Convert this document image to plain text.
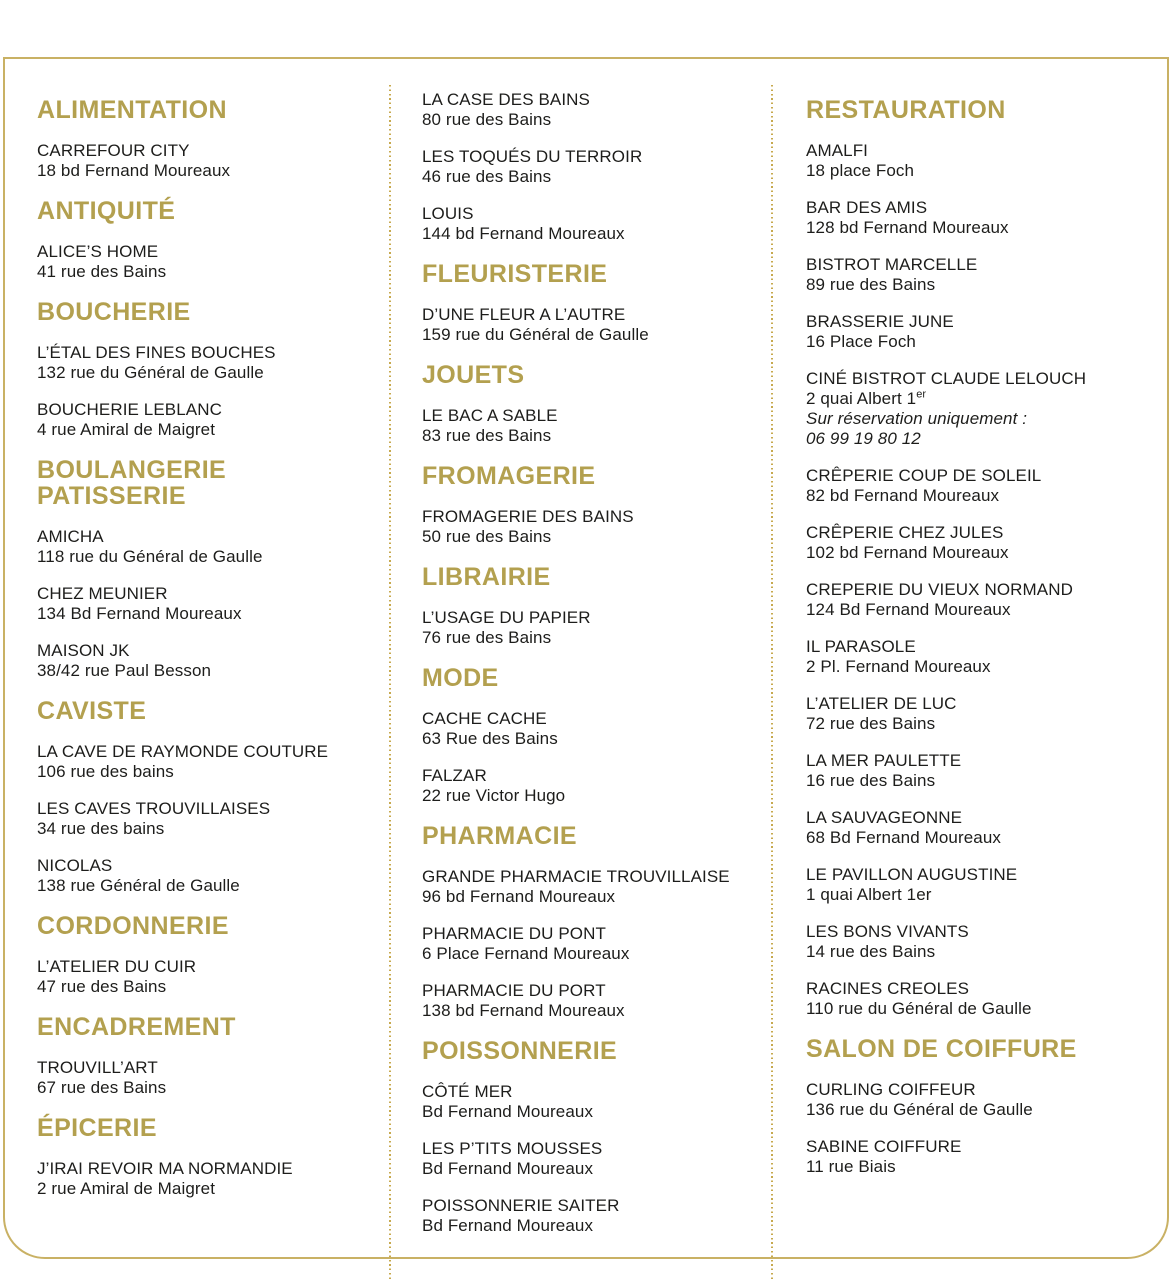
ALIMENTATION
CARREFOUR CITY
18 bd Fernand Moureaux
ANTIQUITÉ
ALICE’S HOME
41 rue des Bains
BOUCHERIE
L’ÉTAL DES FINES BOUCHES
132 rue du Général de Gaulle
BOUCHERIE LEBLANC
4 rue Amiral de Maigret
BOULANGERIE
PATISSERIE
AMICHA
118 rue du Général de Gaulle
CHEZ MEUNIER
134 Bd Fernand Moureaux
MAISON JK
38/42 rue Paul Besson
CAVISTE
LA CAVE DE RAYMONDE COUTURE
106 rue des bains
LES CAVES TROUVILLAISES
34 rue des bains
NICOLAS
138 rue Général de Gaulle
CORDONNERIE
L’ATELIER DU CUIR
47 rue des Bains
ENCADREMENT
TROUVILL’ART
67 rue des Bains
ÉPICERIE
J’IRAI REVOIR MA NORMANDIE
2 rue Amiral de Maigret
LA CASE DES BAINS
80 rue des Bains
LES TOQUÉS DU TERROIR
46 rue des Bains
LOUIS
144 bd Fernand Moureaux
FLEURISTERIE
D’UNE FLEUR A L’AUTRE
159 rue du Général de Gaulle
JOUETS
LE BAC A SABLE
83 rue des Bains
FROMAGERIE
FROMAGERIE DES BAINS
50 rue des Bains
LIBRAIRIE
L’USAGE DU PAPIER
76 rue des Bains
MODE
CACHE CACHE
63 Rue des Bains
FALZAR
22 rue Victor Hugo
PHARMACIE
GRANDE PHARMACIE TROUVILLAISE
96 bd Fernand Moureaux
PHARMACIE DU PONT
6 Place Fernand Moureaux
PHARMACIE DU PORT
138 bd Fernand Moureaux
POISSONNERIE
CÔTÉ MER
Bd Fernand Moureaux
LES P’TITS MOUSSES
Bd Fernand Moureaux
POISSONNERIE SAITER
Bd Fernand Moureaux
RESTAURATION
AMALFI
18 place Foch
BAR DES AMIS
128 bd Fernand Moureaux
BISTROT MARCELLE
89 rue des Bains
BRASSERIE JUNE
16 Place Foch
CINÉ BISTROT CLAUDE LELOUCH
2 quai Albert 1er
Sur réservation uniquement :
06 99 19 80 12
CRÊPERIE COUP DE SOLEIL
82 bd Fernand Moureaux
CRÊPERIE CHEZ JULES
102 bd Fernand Moureaux
CREPERIE DU VIEUX NORMAND
124 Bd Fernand Moureaux
IL PARASOLE
2 Pl. Fernand Moureaux
L’ATELIER DE LUC
72 rue des Bains
LA MER PAULETTE
16 rue des Bains
LA SAUVAGEONNE
68 Bd Fernand Moureaux
LE PAVILLON AUGUSTINE
1 quai Albert 1er
LES BONS VIVANTS
14 rue des Bains
RACINES CREOLES
110 rue du Général de Gaulle
SALON DE COIFFURE
CURLING COIFFEUR
136 rue du Général de Gaulle
SABINE COIFFURE
11 rue Biais
